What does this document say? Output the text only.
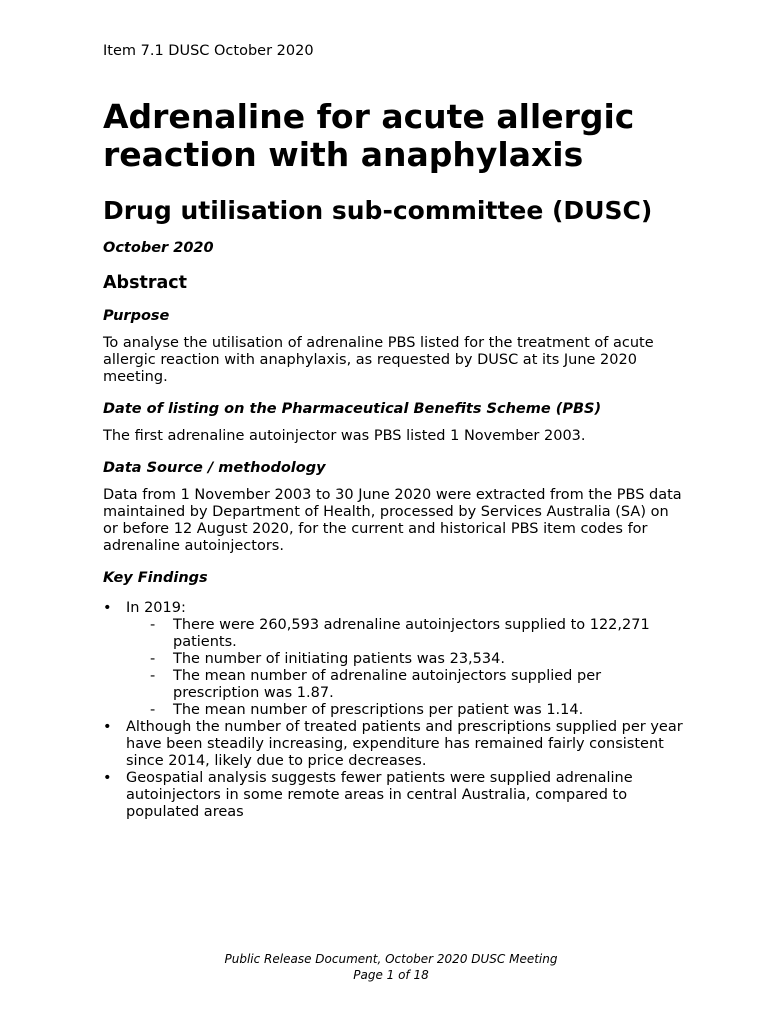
Item 7.1 DUSC October 2020
Adrenaline for acute allergic reaction with anaphylaxis
Drug utilisation sub-committee (DUSC)
October 2020
Abstract
Purpose

To analyse the utilisation of adrenaline PBS listed for the treatment of acute allergic reaction with anaphylaxis, as requested by DUSC at its June 2020 meeting.

Date of listing on the Pharmaceutical Benefits Scheme (PBS)

The first adrenaline autoinjector was PBS listed 1 November 2003.

Data Source / methodology

Data from 1 November 2003 to 30 June 2020 were extracted from the PBS data maintained by Department of Health, processed by Services Australia (SA) on or before 12 August 2020, for the current and historical PBS item codes for adrenaline autoinjectors.

Key Findings
• In 2019:
- There were 260,593 adrenaline autoinjectors supplied to 122,271 patients.
- The number of initiating patients was 23,534.
- The mean number of adrenaline autoinjectors supplied per prescription was 1.87.
- The mean number of prescriptions per patient was 1.14.
• Although the number of treated patients and prescriptions supplied per year have been steadily increasing, expenditure has remained fairly consistent since 2014, likely due to price decreases.
• Geospatial analysis suggests fewer patients were supplied adrenaline autoinjectors in some remote areas in central Australia, compared to populated areas
Public Release Document, October 2020 DUSC Meeting
Page 1 of 18
